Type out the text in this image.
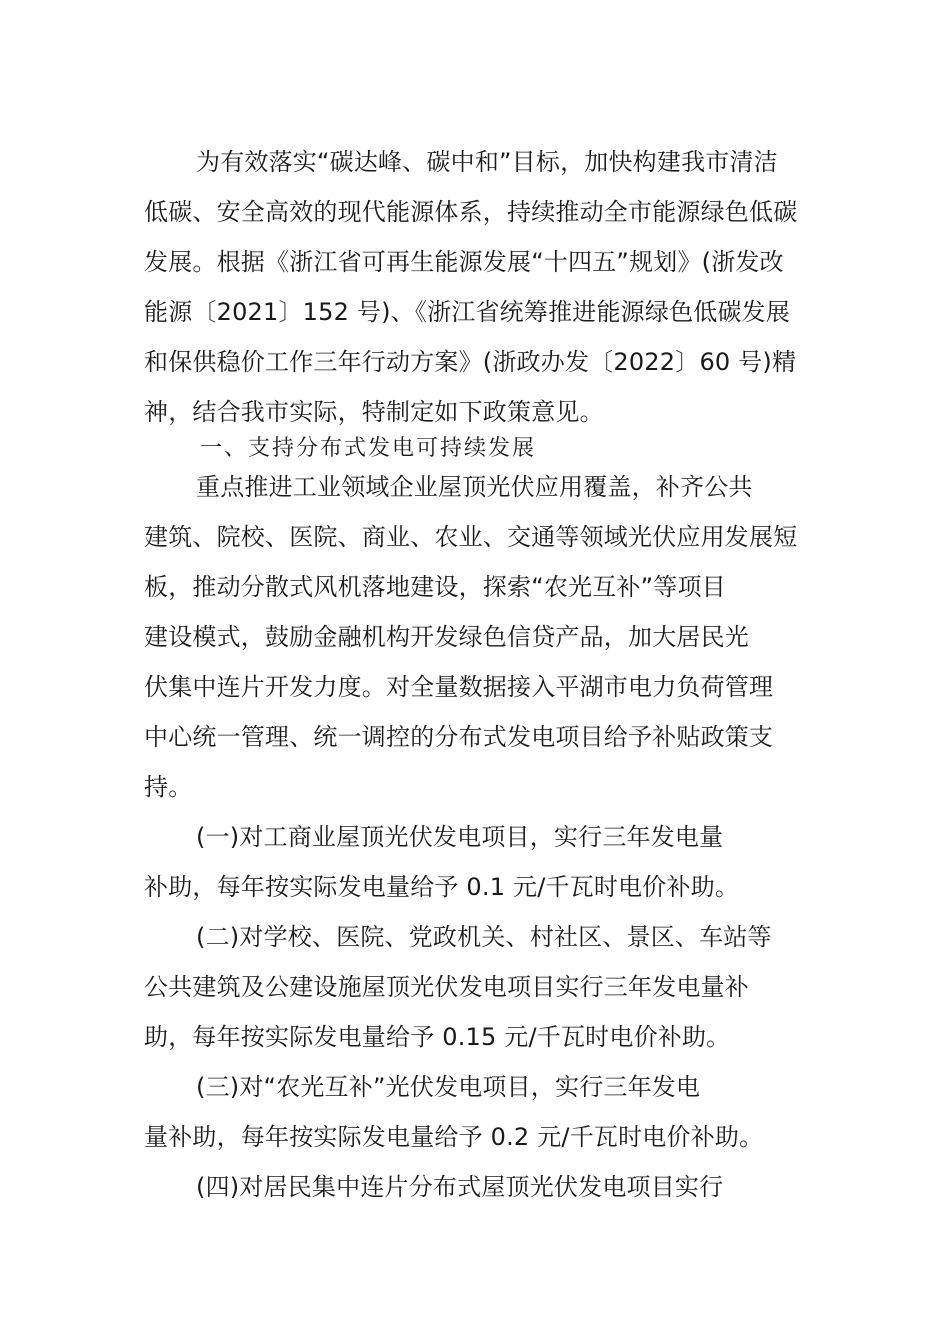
为有效落实“碳达峰、碳中和”目标，加快构建我市清洁
低碳、安全高效的现代能源体系，持续推动全市能源绿色低碳
发展。根据《浙江省可再生能源发展“十四五”规划》(浙发改
能源〔2021〕152 号)、《浙江省统筹推进能源绿色低碳发展
和保供稳价工作三年行动方案》(浙政办发〔2022〕60 号)精
神，结合我市实际，特制定如下政策意见。
一、支持分布式发电可持续发展
重点推进工业领域企业屋顶光伏应用覆盖，补齐公共
建筑、院校、医院、商业、农业、交通等领域光伏应用发展短
板，推动分散式风机落地建设，探索“农光互补”等项目
建设模式，鼓励金融机构开发绿色信贷产品，加大居民光
伏集中连片开发力度。对全量数据接入平湖市电力负荷管理
中心统一管理、统一调控的分布式发电项目给予补贴政策支
持。
(一)对工商业屋顶光伏发电项目，实行三年发电量
补助，每年按实际发电量给予 0.1 元/千瓦时电价补助。
(二)对学校、医院、党政机关、村社区、景区、车站等
公共建筑及公建设施屋顶光伏发电项目实行三年发电量补
助，每年按实际发电量给予 0.15 元/千瓦时电价补助。
(三)对“农光互补”光伏发电项目，实行三年发电
量补助，每年按实际发电量给予 0.2 元/千瓦时电价补助。
(四)对居民集中连片分布式屋顶光伏发电项目实行
